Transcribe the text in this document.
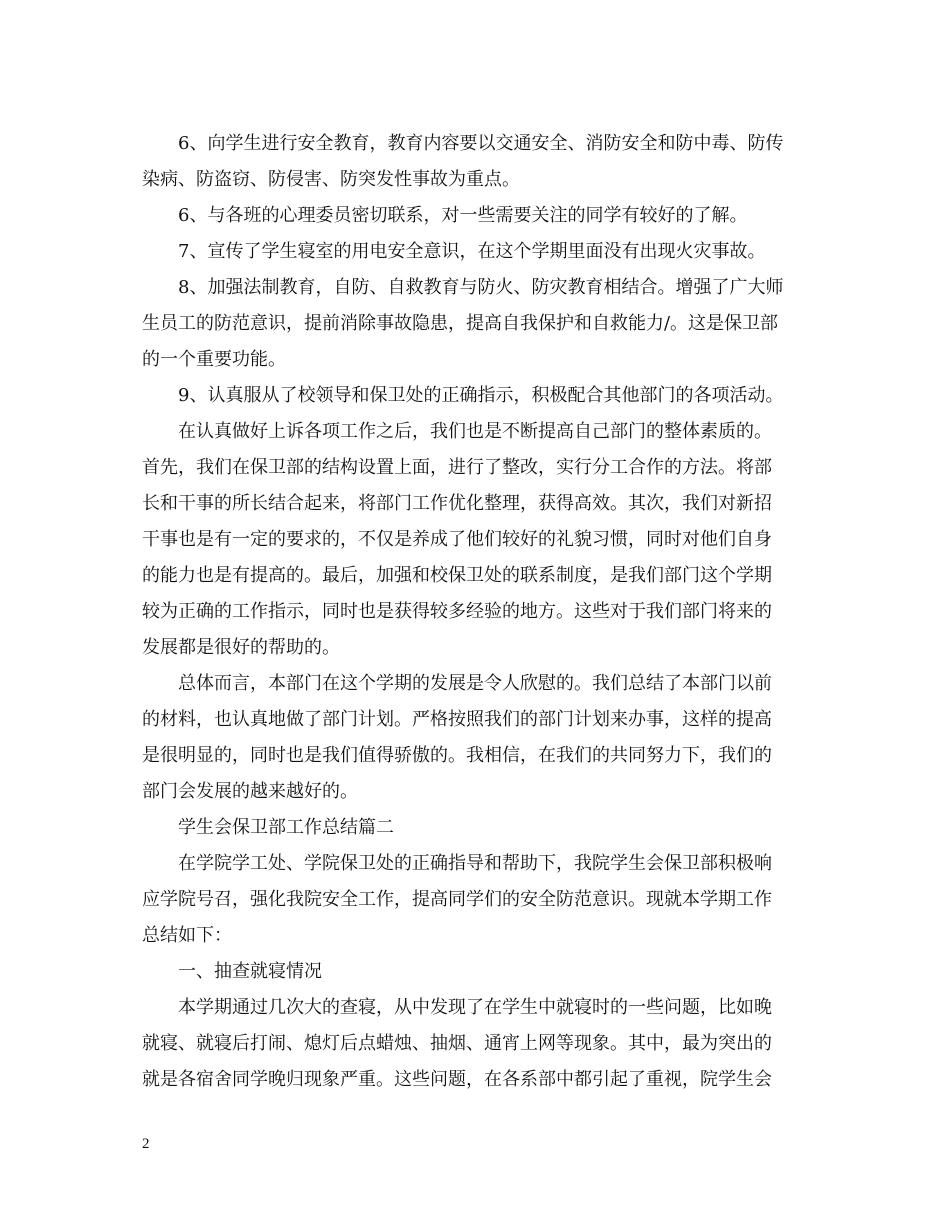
6、向学生进行安全教育，教育内容要以交通安全、消防安全和防中毒、防传
染病、防盗窃、防侵害、防突发性事故为重点。

6、与各班的心理委员密切联系，对一些需要关注的同学有较好的了解。

7、宣传了学生寝室的用电安全意识，在这个学期里面没有出现火灾事故。

8、加强法制教育，自防、自救教育与防火、防灾教育相结合。增强了广大师
生员工的防范意识，提前消除事故隐患，提高自我保护和自救能力/。这是保卫部
的一个重要功能。

9、认真服从了校领导和保卫处的正确指示，积极配合其他部门的各项活动。

在认真做好上诉各项工作之后，我们也是不断提高自己部门的整体素质的。
首先，我们在保卫部的结构设置上面，进行了整改，实行分工合作的方法。将部
长和干事的所长结合起来，将部门工作优化整理，获得高效。其次，我们对新招
干事也是有一定的要求的，不仅是养成了他们较好的礼貌习惯，同时对他们自身
的能力也是有提高的。最后，加强和校保卫处的联系制度，是我们部门这个学期
较为正确的工作指示，同时也是获得较多经验的地方。这些对于我们部门将来的
发展都是很好的帮助的。

总体而言，本部门在这个学期的发展是令人欣慰的。我们总结了本部门以前
的材料，也认真地做了部门计划。严格按照我们的部门计划来办事，这样的提高
是很明显的，同时也是我们值得骄傲的。我相信，在我们的共同努力下，我们的
部门会发展的越来越好的。

学生会保卫部工作总结篇二

在学院学工处、学院保卫处的正确指导和帮助下，我院学生会保卫部积极响
应学院号召，强化我院安全工作，提高同学们的安全防范意识。现就本学期工作
总结如下：

一、抽查就寝情况

本学期通过几次大的查寝，从中发现了在学生中就寝时的一些问题，比如晚
就寝、就寝后打闹、熄灯后点蜡烛、抽烟、通宵上网等现象。其中，最为突出的
就是各宿舍同学晚归现象严重。这些问题，在各系部中都引起了重视，院学生会

2
